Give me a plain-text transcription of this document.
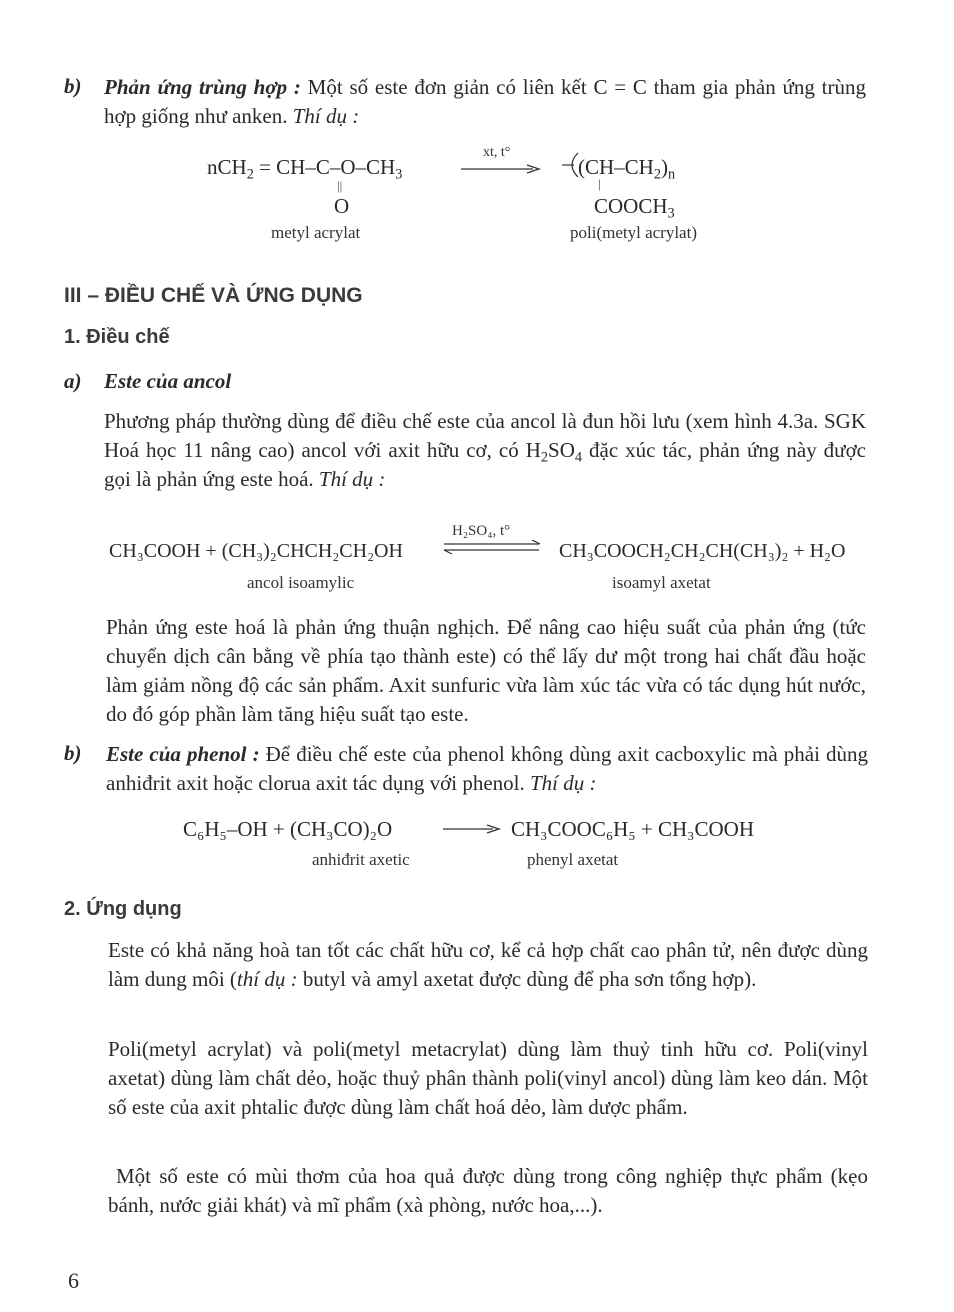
b) Phản ứng trùng hợp : Một số este đơn giản có liên kết C = C tham gia phản ứng trùng hợp giống như anken. Thí dụ :

$nCH_2 = CH-C-O-CH_3$
||
O
xt, t°
$(CH-CH_2)_n$
|
$COOCH_3$
metyl acrylat	poli(metyl acrylat)
III – ĐIỀU CHẾ VÀ ỨNG DỤNG
1. Điều chế
a) Este của ancol

Phương pháp thường dùng để điều chế este của ancol là đun hồi lưu (xem hình 4.3a. SGK Hoá học 11 nâng cao) ancol với axit hữu cơ, có $H_2SO_4$ đặc xúc tác, phản ứng này được gọi là phản ứng este hoá. Thí dụ :

CH₃COOH + (CH₃)₂CHCH₂CH₂OH
H₂SO₄, t°
CH₃COOCH₂CH₂CH(CH₃)₂ + H₂O
ancol isoamylic	isoamyl axetat

Phản ứng este hoá là phản ứng thuận nghịch. Để nâng cao hiệu suất của phản ứng (tức chuyển dịch cân bằng về phía tạo thành este) có thể lấy dư một trong hai chất đầu hoặc làm giảm nồng độ các sản phẩm. Axit sunfuric vừa làm xúc tác vừa có tác dụng hút nước, do đó góp phần làm tăng hiệu suất tạo este.

b) Este của phenol : Để điều chế este của phenol không dùng axit cacboxylic mà phải dùng anhiđrit axit hoặc clorua axit tác dụng với phenol. Thí dụ :

C₆H₅–OH + (CH₃CO)₂O	CH₃COOC₆H₅ + CH₃COOH
anhiđrit axetic	phenyl axetat
2. Ứng dụng

Este có khả năng hoà tan tốt các chất hữu cơ, kể cả hợp chất cao phân tử, nên được dùng làm dung môi (thí dụ : butyl và amyl axetat được dùng để pha sơn tổng hợp).

Poli(metyl acrylat) và poli(metyl metacrylat) dùng làm thuỷ tinh hữu cơ. Poli(vinyl axetat) dùng làm chất dẻo, hoặc thuỷ phân thành poli(vinyl ancol) dùng làm keo dán. Một số este của axit phtalic được dùng làm chất hoá dẻo, làm dược phẩm.

Một số este có mùi thơm của hoa quả được dùng trong công nghiệp thực phẩm (kẹo bánh, nước giải khát) và mĩ phẩm (xà phòng, nước hoa,...).

6
